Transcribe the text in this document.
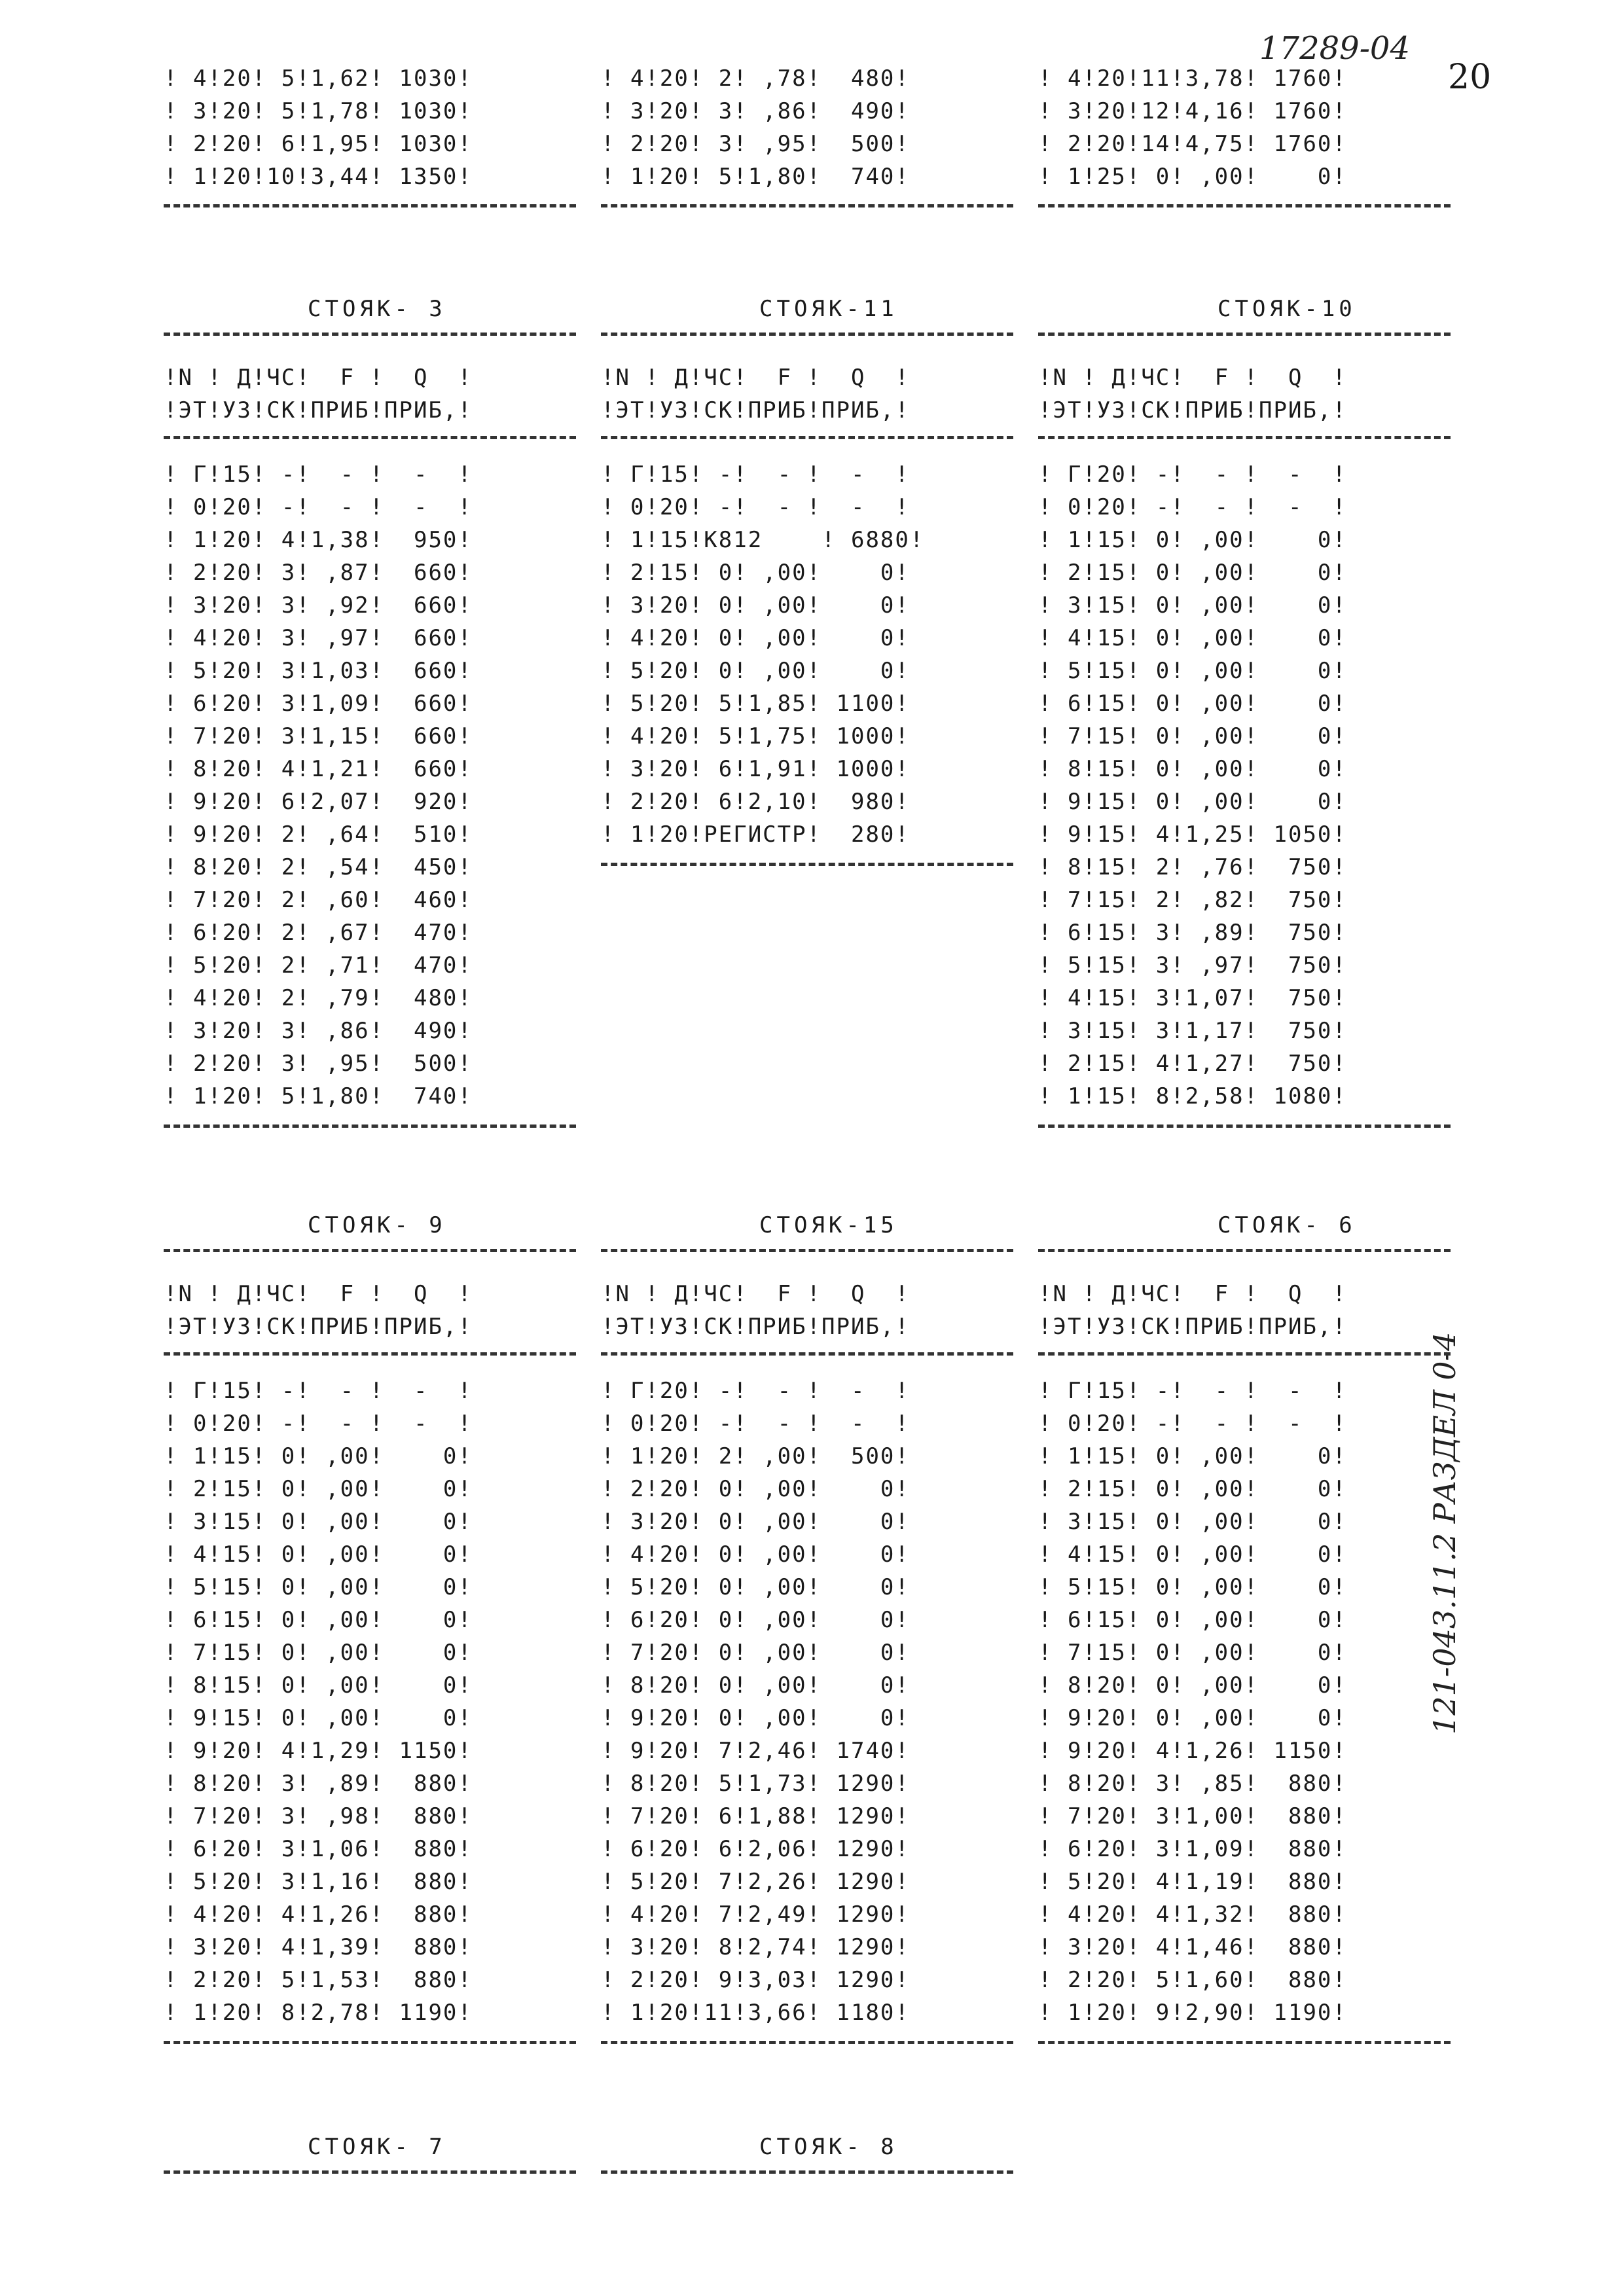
17289-04
20
121-043.11.2 РАЗДЕЛ 0-4
! 4!20! 5!1,62! 1030!
! 3!20! 5!1,78! 1030!
! 2!20! 6!1,95! 1030!
! 1!20!10!3,44! 1350!
! 4!20! 2! ,78!  480!
! 3!20! 3! ,86!  490!
! 2!20! 3! ,95!  500!
! 1!20! 5!1,80!  740!
! 4!20!11!3,78! 1760!
! 3!20!12!4,16! 1760!
! 2!20!14!4,75! 1760!
! 1!25! 0! ,00!    0!
СТОЯК- 3	СТОЯК-11	СТОЯК-10
!N ! Д!ЧС!  F !  Q  !
!ЭТ!УЗ!СК!ПРИБ!ПРИБ,!
!N ! Д!ЧС!  F !  Q  !
!ЭТ!УЗ!СК!ПРИБ!ПРИБ,!
!N ! Д!ЧС!  F !  Q  !
!ЭТ!УЗ!СК!ПРИБ!ПРИБ,!
! Г!15! -!  - !  -  !
! 0!20! -!  - !  -  !
! 1!20! 4!1,38!  950!
! 2!20! 3! ,87!  660!
! 3!20! 3! ,92!  660!
! 4!20! 3! ,97!  660!
! 5!20! 3!1,03!  660!
! 6!20! 3!1,09!  660!
! 7!20! 3!1,15!  660!
! 8!20! 4!1,21!  660!
! 9!20! 6!2,07!  920!
! 9!20! 2! ,64!  510!
! 8!20! 2! ,54!  450!
! 7!20! 2! ,60!  460!
! 6!20! 2! ,67!  470!
! 5!20! 2! ,71!  470!
! 4!20! 2! ,79!  480!
! 3!20! 3! ,86!  490!
! 2!20! 3! ,95!  500!
! 1!20! 5!1,80!  740!
! Г!15! -!  - !  -  !
! 0!20! -!  - !  -  !
! 1!15!К812    ! 6880!
! 2!15! 0! ,00!    0!
! 3!20! 0! ,00!    0!
! 4!20! 0! ,00!    0!
! 5!20! 0! ,00!    0!
! 5!20! 5!1,85! 1100!
! 4!20! 5!1,75! 1000!
! 3!20! 6!1,91! 1000!
! 2!20! 6!2,10!  980!
! 1!20!РЕГИСТР!  280!
! Г!20! -!  - !  -  !
! 0!20! -!  - !  -  !
! 1!15! 0! ,00!    0!
! 2!15! 0! ,00!    0!
! 3!15! 0! ,00!    0!
! 4!15! 0! ,00!    0!
! 5!15! 0! ,00!    0!
! 6!15! 0! ,00!    0!
! 7!15! 0! ,00!    0!
! 8!15! 0! ,00!    0!
! 9!15! 0! ,00!    0!
! 9!15! 4!1,25! 1050!
! 8!15! 2! ,76!  750!
! 7!15! 2! ,82!  750!
! 6!15! 3! ,89!  750!
! 5!15! 3! ,97!  750!
! 4!15! 3!1,07!  750!
! 3!15! 3!1,17!  750!
! 2!15! 4!1,27!  750!
! 1!15! 8!2,58! 1080!
СТОЯК- 9	СТОЯК-15	СТОЯК- 6
!N ! Д!ЧС!  F !  Q  !
!ЭТ!УЗ!СК!ПРИБ!ПРИБ,!
!N ! Д!ЧС!  F !  Q  !
!ЭТ!УЗ!СК!ПРИБ!ПРИБ,!
!N ! Д!ЧС!  F !  Q  !
!ЭТ!УЗ!СК!ПРИБ!ПРИБ,!
! Г!15! -!  - !  -  !
! 0!20! -!  - !  -  !
! 1!15! 0! ,00!    0!
! 2!15! 0! ,00!    0!
! 3!15! 0! ,00!    0!
! 4!15! 0! ,00!    0!
! 5!15! 0! ,00!    0!
! 6!15! 0! ,00!    0!
! 7!15! 0! ,00!    0!
! 8!15! 0! ,00!    0!
! 9!15! 0! ,00!    0!
! 9!20! 4!1,29! 1150!
! 8!20! 3! ,89!  880!
! 7!20! 3! ,98!  880!
! 6!20! 3!1,06!  880!
! 5!20! 3!1,16!  880!
! 4!20! 4!1,26!  880!
! 3!20! 4!1,39!  880!
! 2!20! 5!1,53!  880!
! 1!20! 8!2,78! 1190!
! Г!20! -!  - !  -  !
! 0!20! -!  - !  -  !
! 1!20! 2! ,00!  500!
! 2!20! 0! ,00!    0!
! 3!20! 0! ,00!    0!
! 4!20! 0! ,00!    0!
! 5!20! 0! ,00!    0!
! 6!20! 0! ,00!    0!
! 7!20! 0! ,00!    0!
! 8!20! 0! ,00!    0!
! 9!20! 0! ,00!    0!
! 9!20! 7!2,46! 1740!
! 8!20! 5!1,73! 1290!
! 7!20! 6!1,88! 1290!
! 6!20! 6!2,06! 1290!
! 5!20! 7!2,26! 1290!
! 4!20! 7!2,49! 1290!
! 3!20! 8!2,74! 1290!
! 2!20! 9!3,03! 1290!
! 1!20!11!3,66! 1180!
! Г!15! -!  - !  -  !
! 0!20! -!  - !  -  !
! 1!15! 0! ,00!    0!
! 2!15! 0! ,00!    0!
! 3!15! 0! ,00!    0!
! 4!15! 0! ,00!    0!
! 5!15! 0! ,00!    0!
! 6!15! 0! ,00!    0!
! 7!15! 0! ,00!    0!
! 8!20! 0! ,00!    0!
! 9!20! 0! ,00!    0!
! 9!20! 4!1,26! 1150!
! 8!20! 3! ,85!  880!
! 7!20! 3!1,00!  880!
! 6!20! 3!1,09!  880!
! 5!20! 4!1,19!  880!
! 4!20! 4!1,32!  880!
! 3!20! 4!1,46!  880!
! 2!20! 5!1,60!  880!
! 1!20! 9!2,90! 1190!
СТОЯК- 7	СТОЯК- 8
